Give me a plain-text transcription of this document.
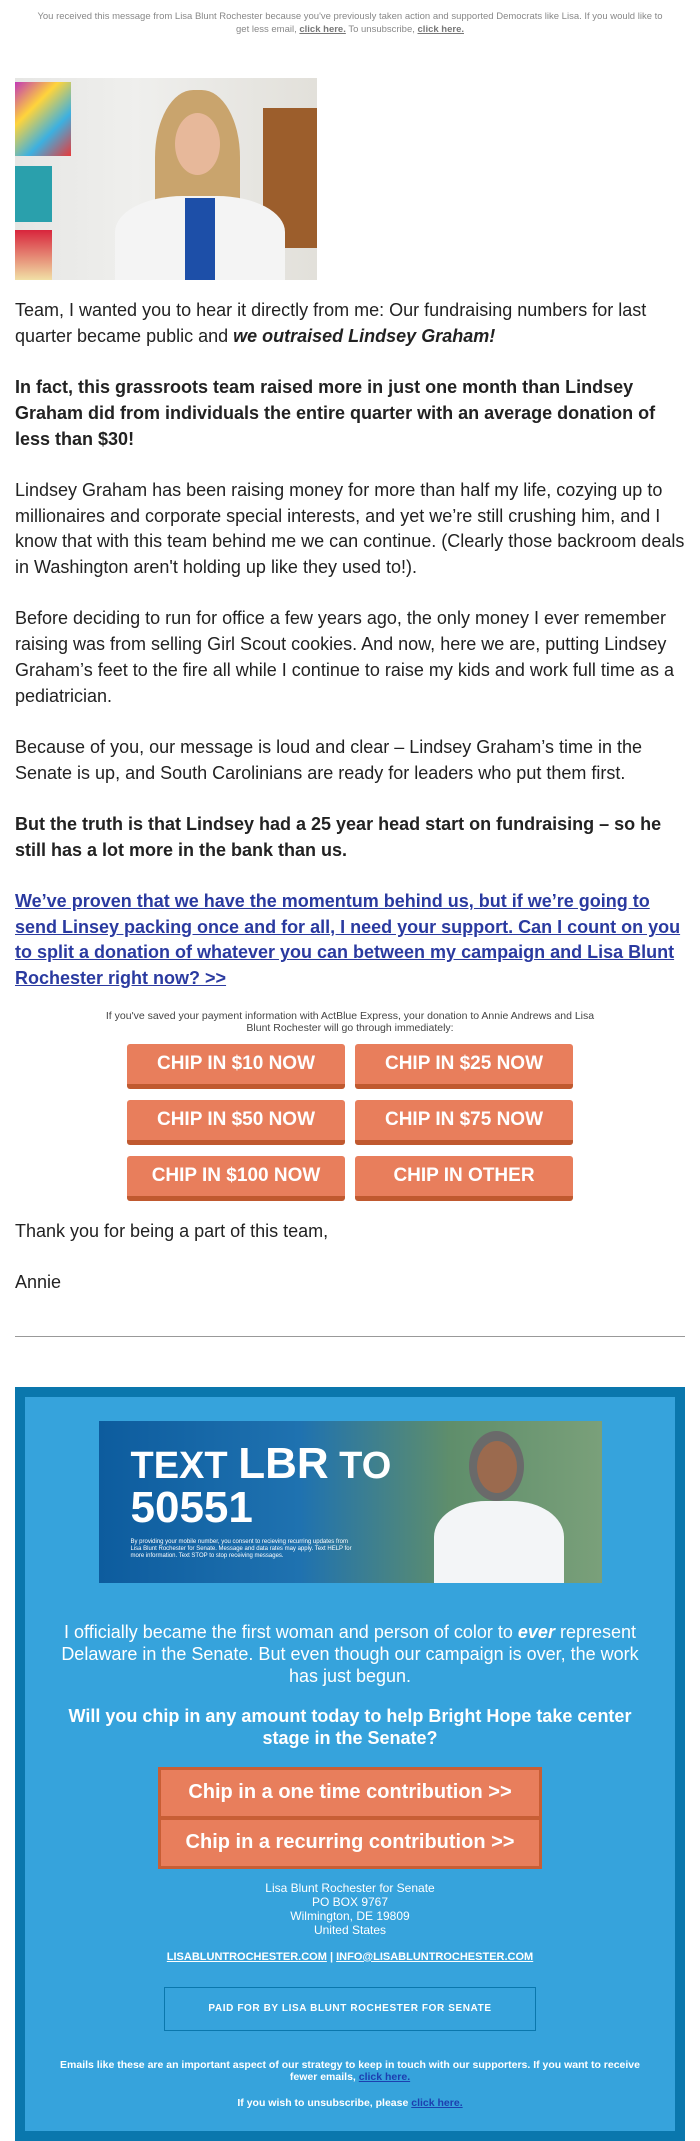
You received this message from Lisa Blunt Rochester because you've previously taken action and supported Democrats like Lisa. If you would like to get less email, click here. To unsubscribe, click here.

Team, I wanted you to hear it directly from me: Our fundraising numbers for last quarter became public and we outraised Lindsey Graham!

In fact, this grassroots team raised more in just one month than Lindsey Graham did from individuals the entire quarter with an average donation of less than $30!

Lindsey Graham has been raising money for more than half my life, cozying up to millionaires and corporate special interests, and yet we’re still crushing him, and I know that with this team behind me we can continue. (Clearly those backroom deals in Washington aren't holding up like they used to!).

Before deciding to run for office a few years ago, the only money I ever remember raising was from selling Girl Scout cookies. And now, here we are, putting Lindsey Graham’s feet to the fire all while I continue to raise my kids and work full time as a pediatrician.

Because of you, our message is loud and clear – Lindsey Graham’s time in the Senate is up, and South Carolinians are ready for leaders who put them first.

But the truth is that Lindsey had a 25 year head start on fundraising – so he still has a lot more in the bank than us.

We’ve proven that we have the momentum behind us, but if we’re going to send Linsey packing once and for all, I need your support. Can I count on you to split a donation of whatever you can between my campaign and Lisa Blunt Rochester right now? >>

If you've saved your payment information with ActBlue Express, your donation to Annie Andrews and Lisa Blunt Rochester will go through immediately:
CHIP IN $10 NOW	CHIP IN $25 NOW
CHIP IN $50 NOW	CHIP IN $75 NOW
CHIP IN $100 NOW	CHIP IN OTHER

Thank you for being a part of this team,

Annie

TEXT LBR TO
50551
By providing your mobile number, you consent to recieving recurring updates from Lisa Blunt Rochester for Senate. Message and data rates may apply. Text HELP for more information. Text STOP to stop receiving messages.
I officially became the first woman and person of color to ever represent Delaware in the Senate. But even though our campaign is over, the work has just begun.
Will you chip in any amount today to help Bright Hope take center stage in the Senate?
Chip in a one time contribution >>
Chip in a recurring contribution >>
Lisa Blunt Rochester for Senate
PO BOX 9767
Wilmington, DE 19809
United States
LISABLUNTROCHESTER.COM | INFO@LISABLUNTROCHESTER.COM
PAID FOR BY LISA BLUNT ROCHESTER FOR SENATE
Emails like these are an important aspect of our strategy to keep in touch with our supporters. If you want to receive fewer emails, click here.
If you wish to unsubscribe, please click here.
